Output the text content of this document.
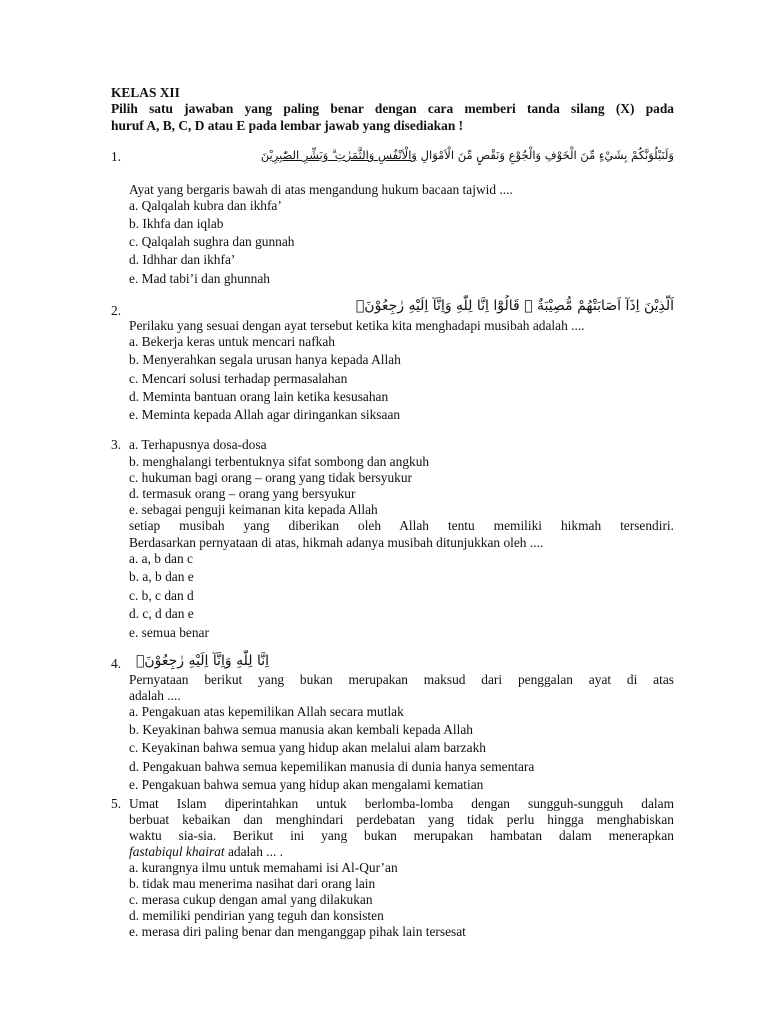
KELAS XII
Pilih satu jawaban yang paling benar dengan cara memberi tanda silang (X) pada
huruf A, B, C, D atau E pada lembar jawab yang disediakan !
1.	وَلَنَبْلُوَنَّكُمْ بِشَيْءٍ مِّنَ الْخَوْفِ وَالْجُوْعِ وَنَقْصٍ مِّنَ الْاَمْوَالِ وَالْاَنْفُسِ وَالثَّمَرٰتِ ۗ وَبَشِّرِ الصّٰبِرِيْنَ
Ayat yang bergaris bawah di atas mengandung hukum bacaan tajwid ....
a. Qalqalah kubra dan ikhfa’
b. Ikhfa dan iqlab
c. Qalqalah sughra dan gunnah
d. Idhhar dan ikhfa’
e. Mad tabi’i dan ghunnah
2.	اَلَّذِيْنَ اِذَآ اَصَابَتْهُمْ مُّصِيْبَةٌ ۗ قَالُوْٓا اِنَّا لِلّٰهِ وَاِنَّآ اِلَيْهِ رٰجِعُوْنَۗ
Perilaku yang sesuai dengan ayat tersebut ketika kita menghadapi musibah adalah ....
a. Bekerja keras untuk mencari nafkah
b. Menyerahkan segala urusan hanya kepada Allah
c. Mencari solusi terhadap permasalahan
d. Meminta bantuan orang lain ketika kesusahan
e. Meminta kepada Allah agar diringankan siksaan
3. a. Terhapusnya dosa-dosa
b. menghalangi terbentuknya sifat sombong dan angkuh
c. hukuman bagi orang – orang yang tidak bersyukur
d. termasuk orang – orang yang bersyukur
e. sebagai penguji keimanan kita kepada Allah
setiap musibah yang diberikan oleh Allah tentu memiliki hikmah tersendiri.
Berdasarkan pernyataan di atas, hikmah adanya musibah ditunjukkan oleh ....
a. a, b dan c
b. a, b dan e
c. b, c dan d
d. c, d dan e
e. semua benar
4.	اِنَّا لِلّٰهِ وَاِنَّآ اِلَيْهِ رٰجِعُوْنَۗ
Pernyataan berikut yang bukan merupakan maksud dari penggalan ayat di atas
adalah ....
a. Pengakuan atas kepemilikan Allah secara mutlak
b. Keyakinan bahwa semua manusia akan kembali kepada Allah
c. Keyakinan bahwa semua yang hidup akan melalui alam barzakh
d. Pengakuan bahwa semua kepemilikan manusia di dunia hanya sementara
e. Pengakuan bahwa semua yang hidup akan mengalami kematian
5. Umat Islam diperintahkan untuk berlomba-lomba dengan sungguh-sungguh dalam
berbuat kebaikan dan menghindari perdebatan yang tidak perlu hingga menghabiskan
waktu sia-sia. Berikut ini yang bukan merupakan hambatan dalam menerapkan
fastabiqul khairat adalah ... .
a. kurangnya ilmu untuk memahami isi Al-Qur’an
b. tidak mau menerima nasihat dari orang lain
c. merasa cukup dengan amal yang dilakukan
d. memiliki pendirian yang teguh dan konsisten
e. merasa diri paling benar dan menganggap pihak lain tersesat
